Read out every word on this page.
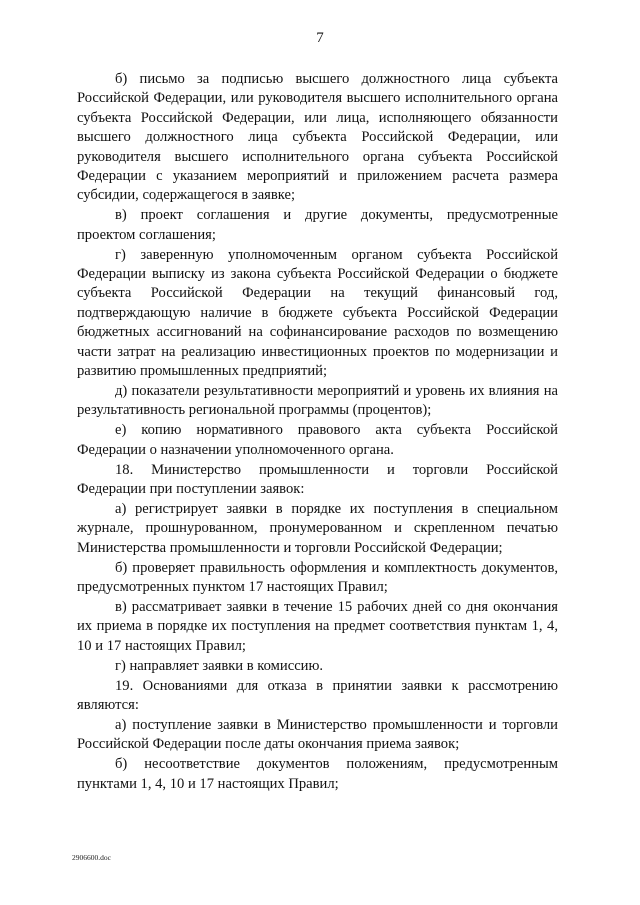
7

б) письмо за подписью высшего должностного лица субъекта Российской Федерации, или руководителя высшего исполнительного органа субъекта Российской Федерации, или лица, исполняющего обязанности высшего должностного лица субъекта Российской Федерации, или руководителя высшего исполнительного органа субъекта Российской Федерации с указанием мероприятий и приложением расчета размера субсидии, содержащегося в заявке;

в) проект соглашения и другие документы, предусмотренные проектом соглашения;

г) заверенную уполномоченным органом субъекта Российской Федерации выписку из закона субъекта Российской Федерации о бюджете субъекта Российской Федерации на текущий финансовый год, подтверждающую наличие в бюджете субъекта Российской Федерации бюджетных ассигнований на софинансирование расходов по возмещению части затрат на реализацию инвестиционных проектов по модернизации и развитию промышленных предприятий;

д) показатели результативности мероприятий и уровень их влияния на результативность региональной программы (процентов);

е) копию нормативного правового акта субъекта Российской Федерации о назначении уполномоченного органа.

18. Министерство промышленности и торговли Российской Федерации при поступлении заявок:

а) регистрирует заявки в порядке их поступления в специальном журнале, прошнурованном, пронумерованном и скрепленном печатью Министерства промышленности и торговли Российской Федерации;

б) проверяет правильность оформления и комплектность документов, предусмотренных пунктом 17 настоящих Правил;

в) рассматривает заявки в течение 15 рабочих дней со дня окончания их приема в порядке их поступления на предмет соответствия пунктам 1, 4, 10 и 17 настоящих Правил;

г) направляет заявки в комиссию.

19. Основаниями для отказа в принятии заявки к рассмотрению являются:

а) поступление заявки в Министерство промышленности и торговли Российской Федерации после даты окончания приема заявок;

б) несоответствие документов положениям, предусмотренным пунктами 1, 4, 10 и 17 настоящих Правил;

2906600.doc
